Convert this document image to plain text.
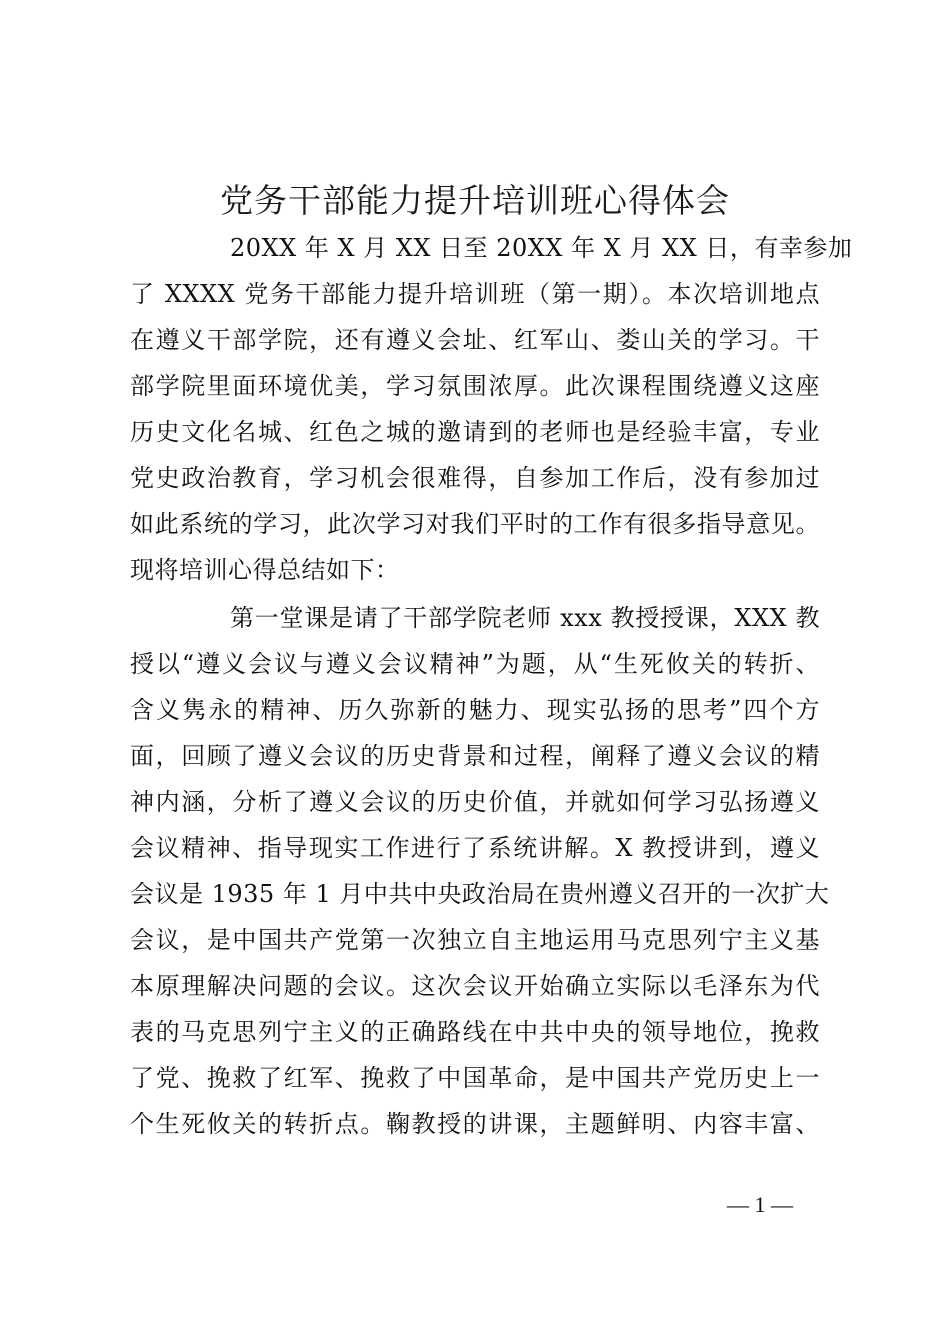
党务干部能力提升培训班心得体会
20XX 年 X 月 XX 日至 20XX 年 X 月 XX 日，有幸参加
了 XXXX 党务干部能力提升培训班（第一期）。本次培训地点
在遵义干部学院，还有遵义会址、红军山、娄山关的学习。干
部学院里面环境优美，学习氛围浓厚。此次课程围绕遵义这座
历史文化名城、红色之城的邀请到的老师也是经验丰富，专业
党史政治教育，学习机会很难得，自参加工作后，没有参加过
如此系统的学习，此次学习对我们平时的工作有很多指导意见。
现将培训心得总结如下：
第一堂课是请了干部学院老师 xxx 教授授课，XXX 教
授以“遵义会议与遵义会议精神”为题，从“生死攸关的转折、
含义隽永的精神、历久弥新的魅力、现实弘扬的思考”四个方
面，回顾了遵义会议的历史背景和过程，阐释了遵义会议的精
神内涵，分析了遵义会议的历史价值，并就如何学习弘扬遵义
会议精神、指导现实工作进行了系统讲解。X 教授讲到，遵义
会议是 1935 年 1 月中共中央政治局在贵州遵义召开的一次扩大
会议，是中国共产党第一次独立自主地运用马克思列宁主义基
本原理解决问题的会议。这次会议开始确立实际以毛泽东为代
表的马克思列宁主义的正确路线在中共中央的领导地位，挽救
了党、挽救了红军、挽救了中国革命，是中国共产党历史上一
个生死攸关的转折点。鞠教授的讲课，主题鲜明、内容丰富、
— 1 —
